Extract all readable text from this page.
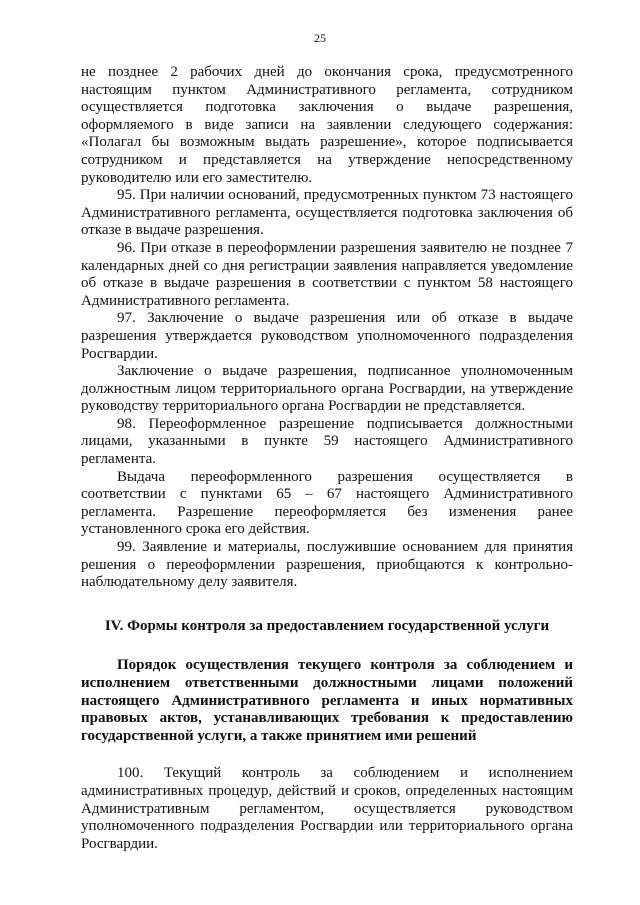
25

не позднее 2 рабочих дней до окончания срока, предусмотренного настоящим пунктом Административного регламента, сотрудником осуществляется подготовка заключения о выдаче разрешения, оформляемого в виде записи на заявлении следующего содержания: «Полагал бы возможным выдать разрешение», которое подписывается сотрудником и представляется на утверждение непосредственному руководителю или его заместителю.

95. При наличии оснований, предусмотренных пунктом 73 настоящего Административного регламента, осуществляется подготовка заключения об отказе в выдаче разрешения.

96. При отказе в переоформлении разрешения заявителю не позднее 7 календарных дней со дня регистрации заявления направляется уведомление об отказе в выдаче разрешения в соответствии с пунктом 58 настоящего Административного регламента.

97. Заключение о выдаче разрешения или об отказе в выдаче разрешения утверждается руководством уполномоченного подразделения Росгвардии.

Заключение о выдаче разрешения, подписанное уполномоченным должностным лицом территориального органа Росгвардии, на утверждение руководству территориального органа Росгвардии не представляется.

98. Переоформленное разрешение подписывается должностными лицами, указанными в пункте 59 настоящего Административного регламента.

Выдача переоформленного разрешения осуществляется в соответствии с пунктами 65 – 67 настоящего Административного регламента. Разрешение переоформляется без изменения ранее установленного срока его действия.

99. Заявление и материалы, послужившие основанием для принятия решения о переоформлении разрешения, приобщаются к контрольно-наблюдательному делу заявителя.

IV. Формы контроля за предоставлением государственной услуги
Порядок осуществления текущего контроля за соблюдением и исполнением ответственными должностными лицами положений настоящего Административного регламента и иных нормативных правовых актов, устанавливающих требования к предоставлению государственной услуги, а также принятием ими решений

100. Текущий контроль за соблюдением и исполнением административных процедур, действий и сроков, определенных настоящим Административным регламентом, осуществляется руководством уполномоченного подразделения Росгвардии или территориального органа Росгвардии.
